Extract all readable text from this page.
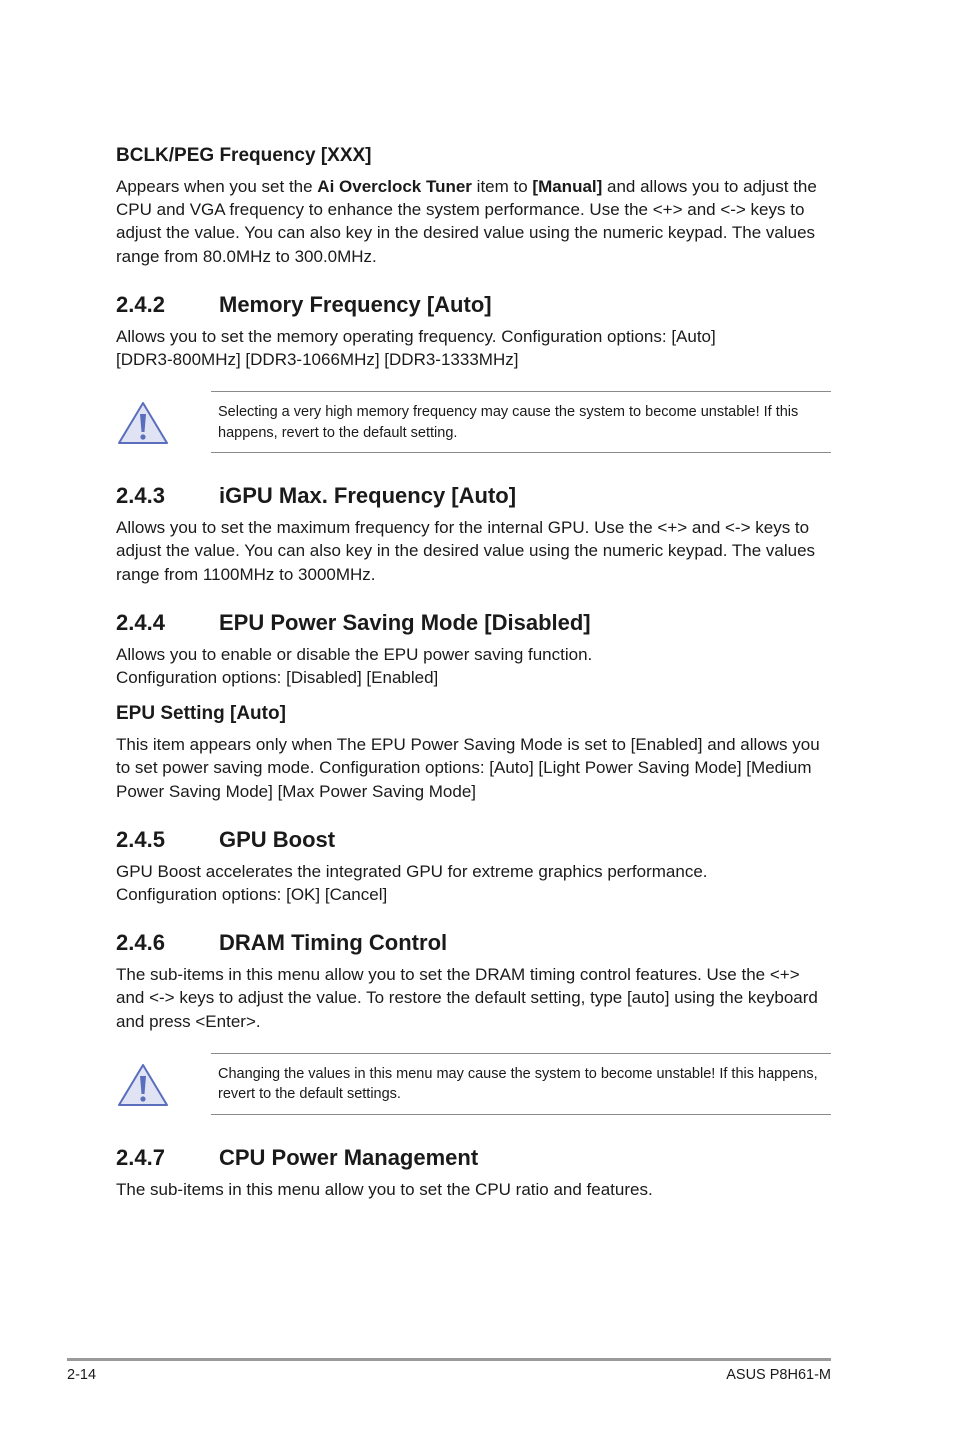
BCLK/PEG Frequency [XXX]

Appears when you set the Ai Overclock Tuner item to [Manual] and allows you to adjust the CPU and VGA frequency to enhance the system performance. Use the <+> and <-> keys to adjust the value. You can also key in the desired value using the numeric keypad. The values range from 80.0MHz to 300.0MHz.

2.4.2	Memory Frequency [Auto]

Allows you to set the memory operating frequency. Configuration options: [Auto]

[DDR3-800MHz] [DDR3-1066MHz] [DDR3-1333MHz]

Selecting a very high memory frequency may cause the system to become unstable! If this happens, revert to the default setting.

2.4.3	iGPU Max. Frequency [Auto]

Allows you to set the maximum frequency for the internal GPU. Use the <+> and <-> keys to adjust the value. You can also key in the desired value using the numeric keypad. The values range from 1100MHz to 3000MHz.

2.4.4	EPU Power Saving Mode [Disabled]

Allows you to enable or disable the EPU power saving function.

Configuration options: [Disabled] [Enabled]

EPU Setting [Auto]

This item appears only when The EPU Power Saving Mode is set to [Enabled] and allows you to set power saving mode. Configuration options: [Auto] [Light Power Saving Mode] [Medium Power Saving Mode] [Max Power Saving Mode]

2.4.5	GPU Boost

GPU Boost accelerates the integrated GPU for extreme graphics performance.

Configuration options: [OK] [Cancel]

2.4.6	DRAM Timing Control

The sub-items in this menu allow you to set the DRAM timing control features. Use the <+> and <-> keys to adjust the value. To restore the default setting, type [auto] using the keyboard and press <Enter>.

Changing the values in this menu may cause the system to become unstable! If this happens, revert to the default settings.

2.4.7	CPU Power Management

The sub-items in this menu allow you to set the CPU ratio and features.

2-14	ASUS P8H61-M
